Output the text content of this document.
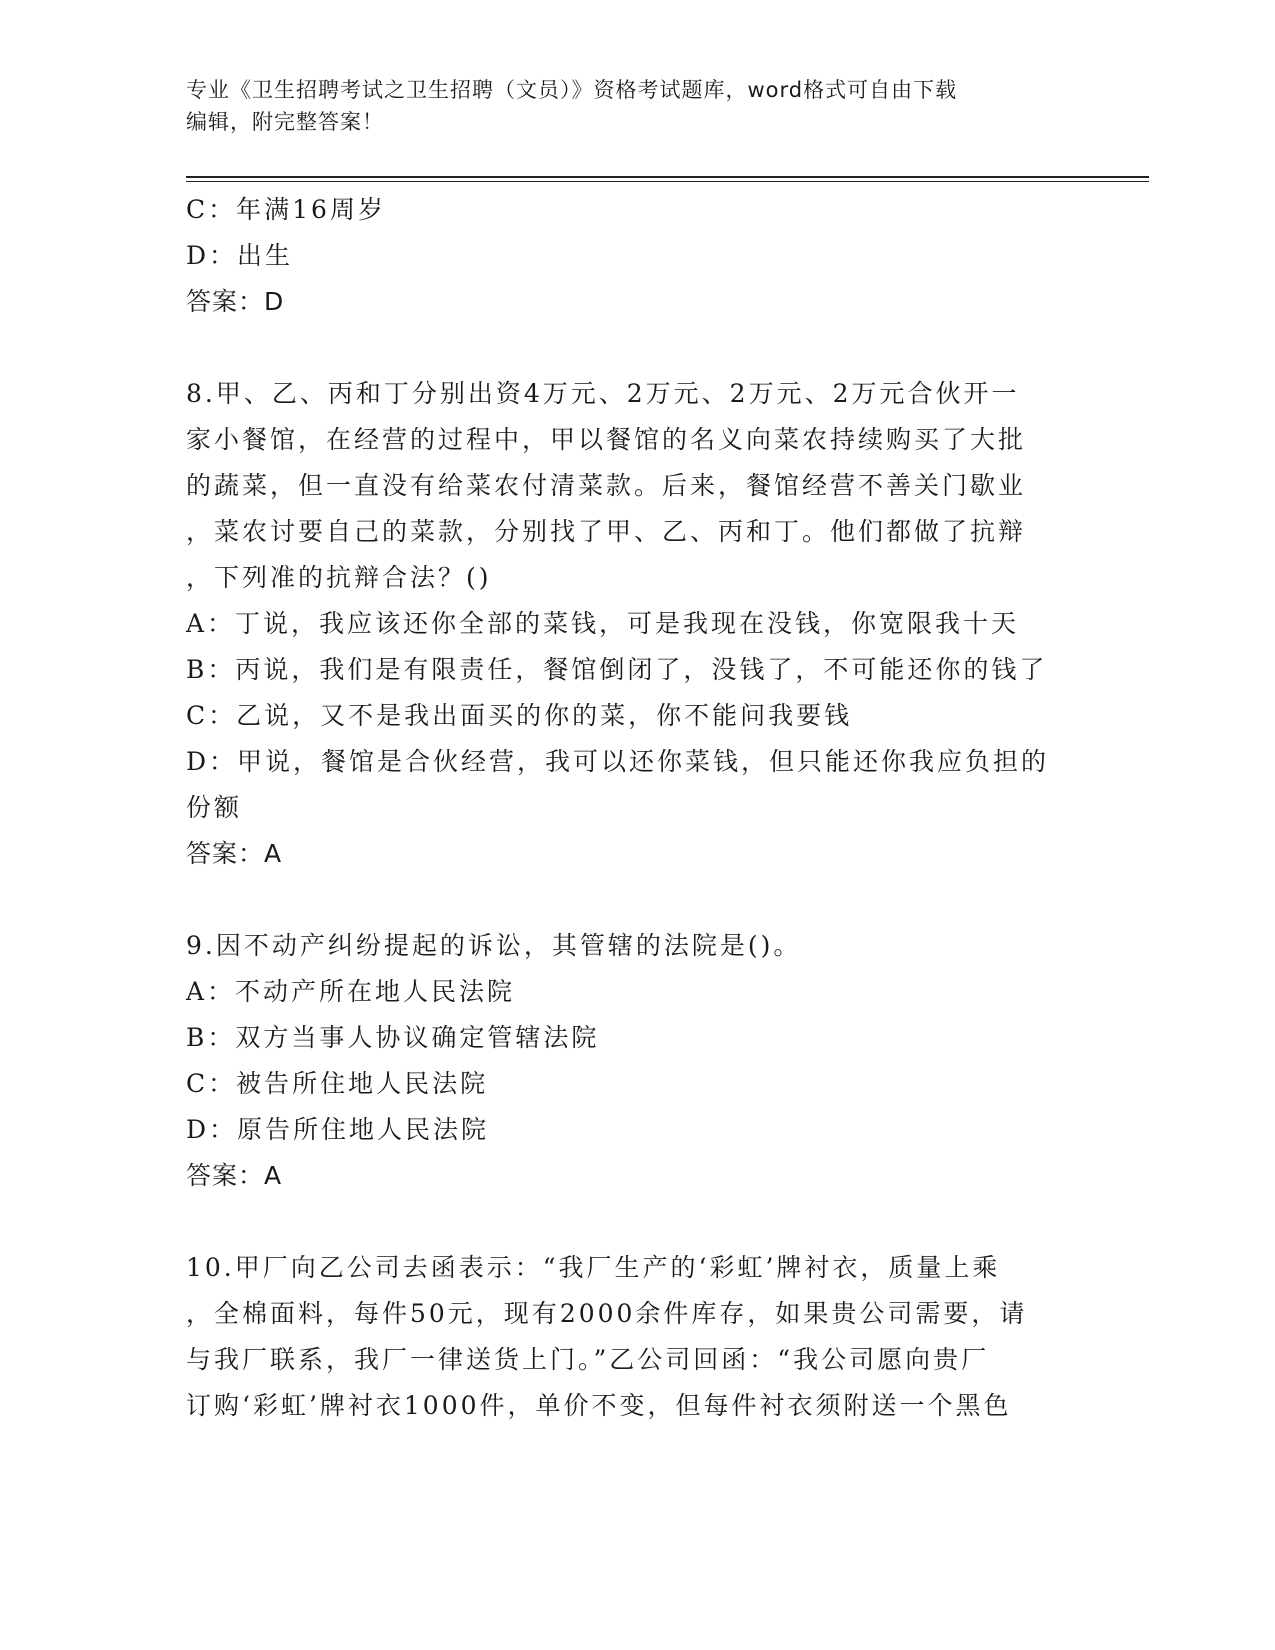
专业《卫生招聘考试之卫生招聘（文员）》资格考试题库，word格式可自由下载
编辑，附完整答案！
C：年满16周岁
D：出生
答案：D
8.甲、乙、丙和丁分别出资4万元、2万元、2万元、2万元合伙开一
家小餐馆，在经营的过程中，甲以餐馆的名义向菜农持续购买了大批
的蔬菜，但一直没有给菜农付清菜款。后来，餐馆经营不善关门歇业
，菜农讨要自己的菜款，分别找了甲、乙、丙和丁。他们都做了抗辩
，下列准的抗辩合法？()
A：丁说，我应该还你全部的菜钱，可是我现在没钱，你宽限我十天
B：丙说，我们是有限责任，餐馆倒闭了，没钱了，不可能还你的钱了
C：乙说，又不是我出面买的你的菜，你不能问我要钱
D：甲说，餐馆是合伙经营，我可以还你菜钱，但只能还你我应负担的
份额
答案：A
9.因不动产纠纷提起的诉讼，其管辖的法院是()。
A：不动产所在地人民法院
B：双方当事人协议确定管辖法院
C：被告所住地人民法院
D：原告所住地人民法院
答案：A
10.甲厂向乙公司去函表示：“我厂生产的‘彩虹’牌衬衣，质量上乘
，全棉面料，每件50元，现有2000余件库存，如果贵公司需要，请
与我厂联系，我厂一律送货上门。”乙公司回函：“我公司愿向贵厂
订购‘彩虹’牌衬衣1000件，单价不变，但每件衬衣须附送一个黑色
